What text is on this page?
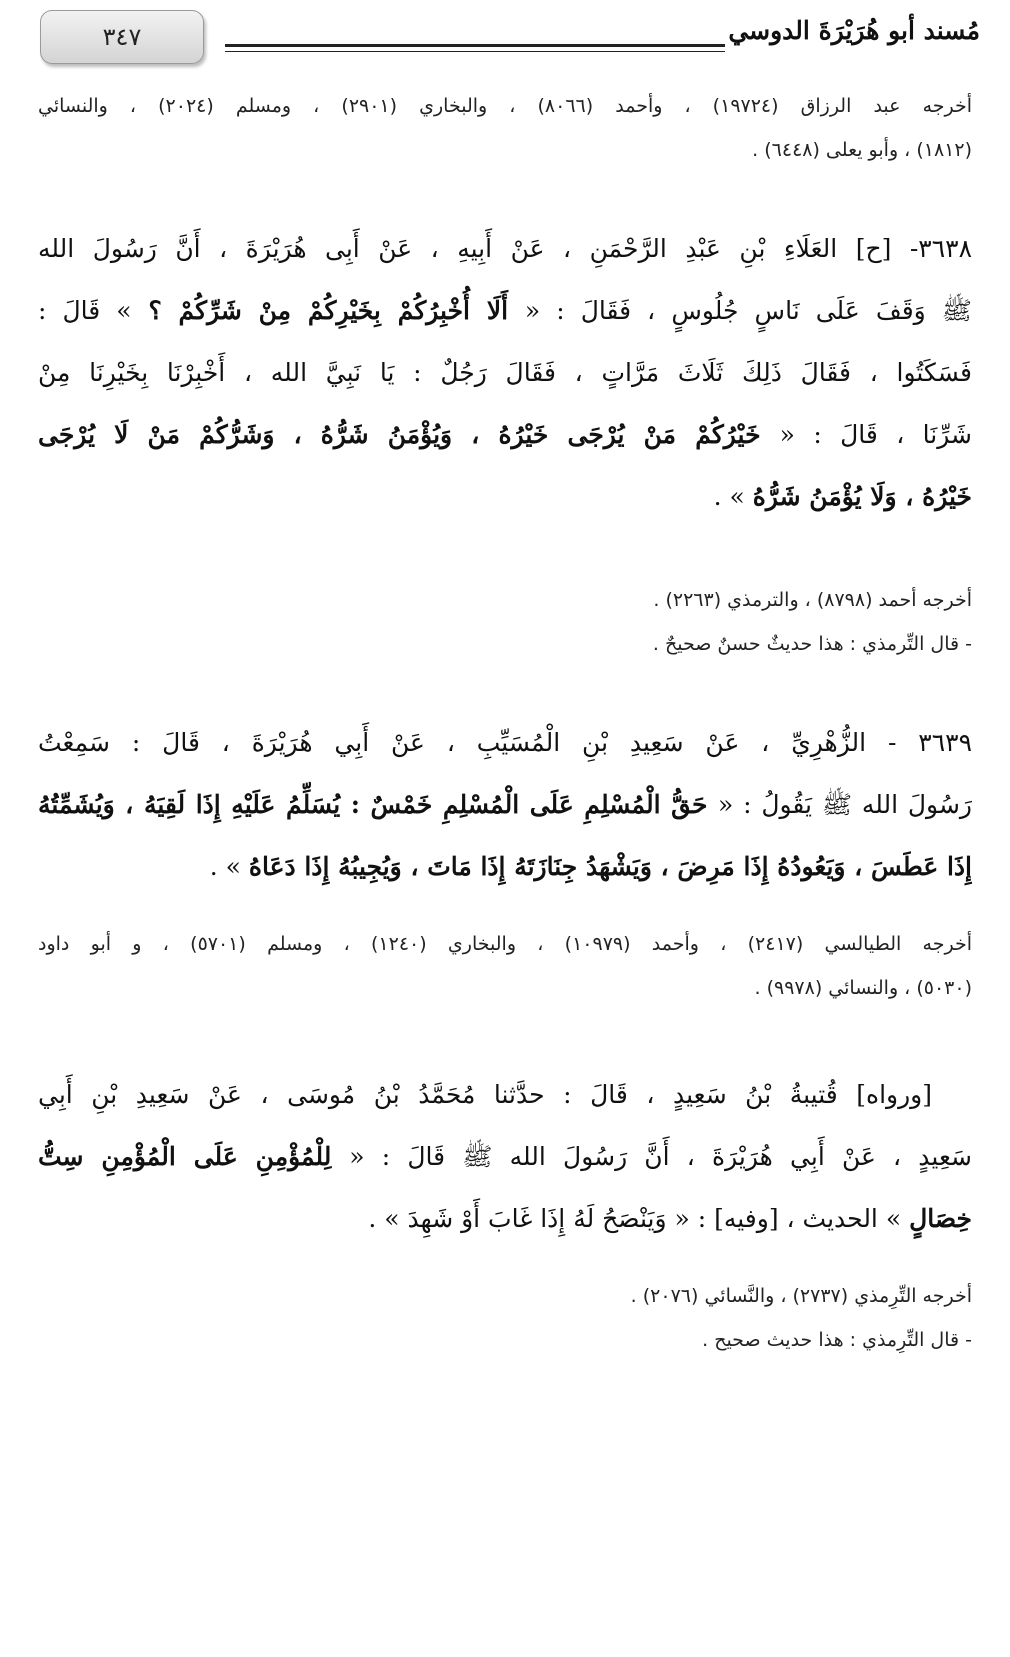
٣٤٧	مُسند أبو هُرَيْرَةَ الدوسي
أخرجه عبد الرزاق (١٩٧٢٤) ، وأحمد (٨٠٦٦) ، والبخاري (٢٩٠١) ، ومسلم (٢٠٢٤) ، والنسائي
(١٨١٢) ، وأبو يعلى (٦٤٤٨) .
٣٦٣٨- [ح] العَلَاءِ بْنِ عَبْدِ الرَّحْمَنِ ، عَنْ أَبِيهِ ، عَنْ أَبِى هُرَيْرَةَ ، أَنَّ رَسُولَ الله
ﷺ وَقَفَ عَلَى نَاسٍ جُلُوسٍ ، فَقَالَ : « أَلَا أُخْبِرُكُمْ بِخَيْرِكُمْ مِنْ شَرِّكُمْ ؟ » قَالَ :
فَسَكَتُوا ، فَقَالَ ذَلِكَ ثَلَاثَ مَرَّاتٍ ، فَقَالَ رَجُلٌ : يَا نَبِيَّ الله ، أَخْبِرْنَا بِخَيْرِنَا مِنْ
شَرِّنَا ، قَالَ : « خَيْرُكُمْ مَنْ يُرْجَى خَيْرُهُ ، وَيُؤْمَنُ شَرُّهُ ، وَشَرُّكُمْ مَنْ لَا يُرْجَى
خَيْرُهُ ، وَلَا يُؤْمَنُ شَرُّهُ » .
أخرجه أحمد (٨٧٩٨) ، والترمذي (٢٢٦٣) .
- قال التِّرمذي : هذا حديثٌ حسنٌ صحيحٌ .
٣٦٣٩ - الزُّهْرِيِّ ، عَنْ سَعِيدِ بْنِ الْمُسَيِّبِ ، عَنْ أَبِي هُرَيْرَةَ ، قَالَ : سَمِعْتُ
رَسُولَ الله ﷺ يَقُولُ : « حَقُّ الْمُسْلِمِ عَلَى الْمُسْلِمِ خَمْسٌ : يُسَلِّمُ عَلَيْهِ إِذَا لَقِيَهُ ، وَيُشَمِّتُهُ
إِذَا عَطَسَ ، وَيَعُودُهُ إِذَا مَرِضَ ، وَيَشْهَدُ جِنَازَتَهُ إِذَا مَاتَ ، وَيُجِيبُهُ إِذَا دَعَاهُ » .
أخرجه الطيالسي (٢٤١٧) ، وأحمد (١٠٩٧٩) ، والبخاري (١٢٤٠) ، ومسلم (٥٧٠١) ، و أبو داود
(٥٠٣٠) ، والنسائي (٩٩٧٨) .
[ورواه] قُتيبةُ بْنُ سَعِيدٍ ، قَالَ : حدَّثنا مُحَمَّدُ بْنُ مُوسَى ، عَنْ سَعِيدِ بْنِ أَبِي
سَعِيدٍ ، عَنْ أَبِي هُرَيْرَةَ ، أَنَّ رَسُولَ الله ﷺ قَالَ : « لِلْمُؤْمِنِ عَلَى الْمُؤْمِنِ سِتُّ
خِصَالٍ » الحديث ، [وفيه] : « وَيَنْصَحُ لَهُ إِذَا غَابَ أَوْ شَهِدَ » .
أخرجه التِّرِمذي (٢٧٣٧) ، والنَّسائي (٢٠٧٦) .
- قال التِّرِمذي : هذا حديث صحيح .
